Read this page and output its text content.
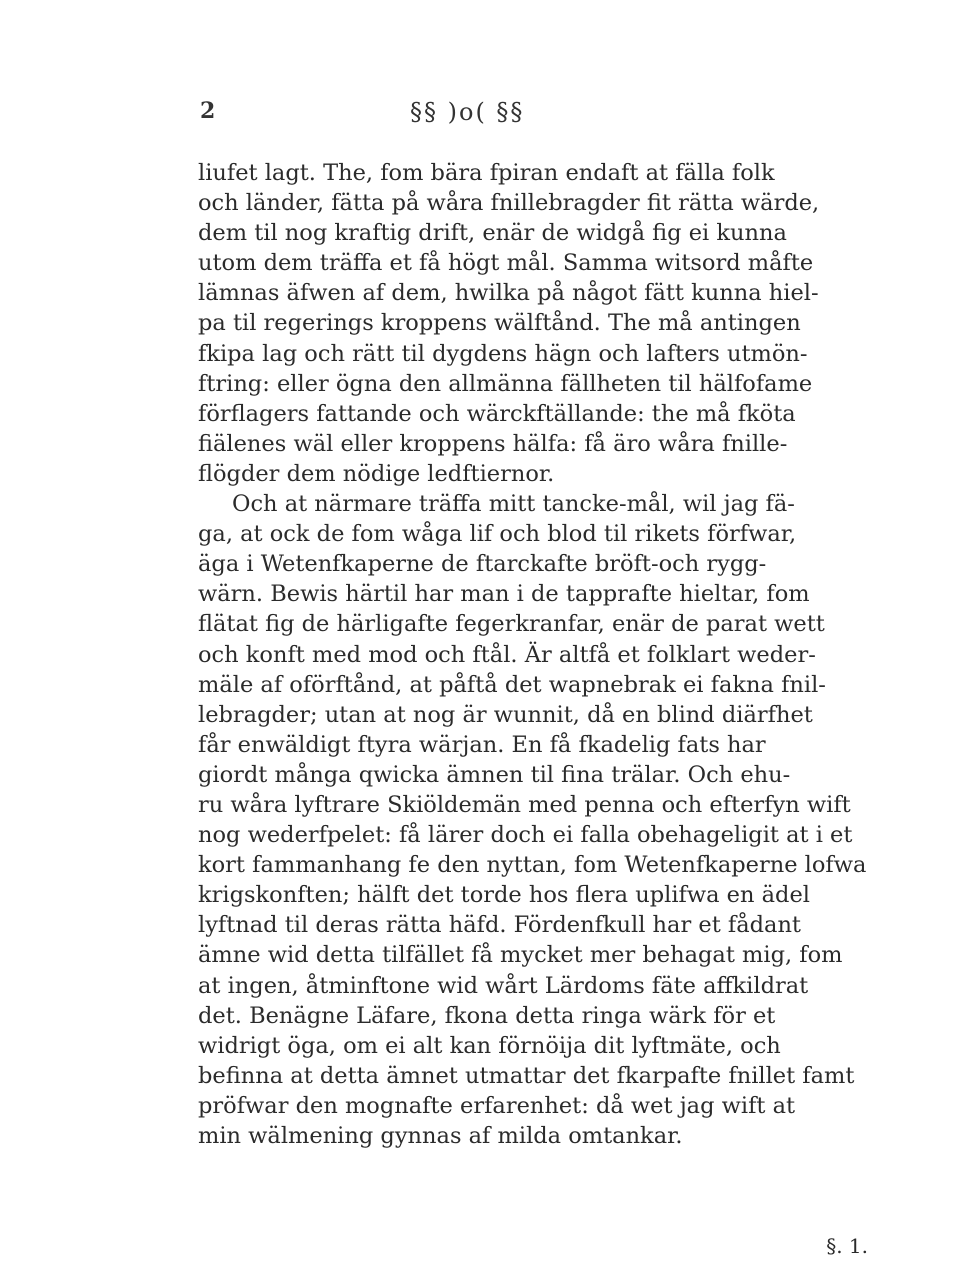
2	§§ )o( §§
liufet lagt. The, fom bära fpiran endaft at fälla folk
och länder, fätta på wåra fnillebragder fit rätta wärde,
dem til nog kraftig drift, enär de widgå fig ei kunna
utom dem träffa et få högt mål. Samma witsord måfte
lämnas äfwen af dem, hwilka på något fätt kunna hiel-
pa til regerings kroppens wälftånd. The må antingen
fkipa lag och rätt til dygdens hägn och lafters utmön-
ftring: eller ögna den allmänna fällheten til hälfofame
förflagers fattande och wärckftällande: the må fköta
fiälenes wäl eller kroppens hälfa: få äro wåra fnille-
flögder dem nödige ledftiernor.
Och at närmare träffa mitt tancke-mål, wil jag fä-
ga, at ock de fom wåga lif och blod til rikets förfwar,
äga i Wetenfkaperne de ftarckafte bröft-och rygg-
wärn. Bewis härtil har man i de tapprafte hieltar, fom
flätat fig de härligafte fegerkranfar, enär de parat wett
och konft med mod och ftål. Är altfå et folklart weder-
mäle af oförftånd, at påftå det wapnebrak ei fakna fnil-
lebragder; utan at nog är wunnit, då en blind diärfhet
får enwäldigt ftyra wärjan. En få fkadelig fats har
giordt många qwicka ämnen til fina trälar. Och ehu-
ru wåra lyftrare Skiöldemän med penna och efterfyn wift
nog wederfpelet: få lärer doch ei falla obehageligit at i et
kort fammanhang fe den nyttan, fom Wetenfkaperne lofwa
krigskonften; hälft det torde hos flera uplifwa en ädel
lyftnad til deras rätta häfd. Fördenfkull har et fådant
ämne wid detta tilfället få mycket mer behagat mig, fom
at ingen, åtminftone wid wårt Lärdoms fäte affkildrat
det. Benägne Läfare, fkona detta ringa wärk för et
widrigt öga, om ei alt kan förnöija dit lyftmäte, och
befinna at detta ämnet utmattar det fkarpafte fnillet famt
pröfwar den mognafte erfarenhet: då wet jag wift at
min wälmening gynnas af milda omtankar.
§. 1.
